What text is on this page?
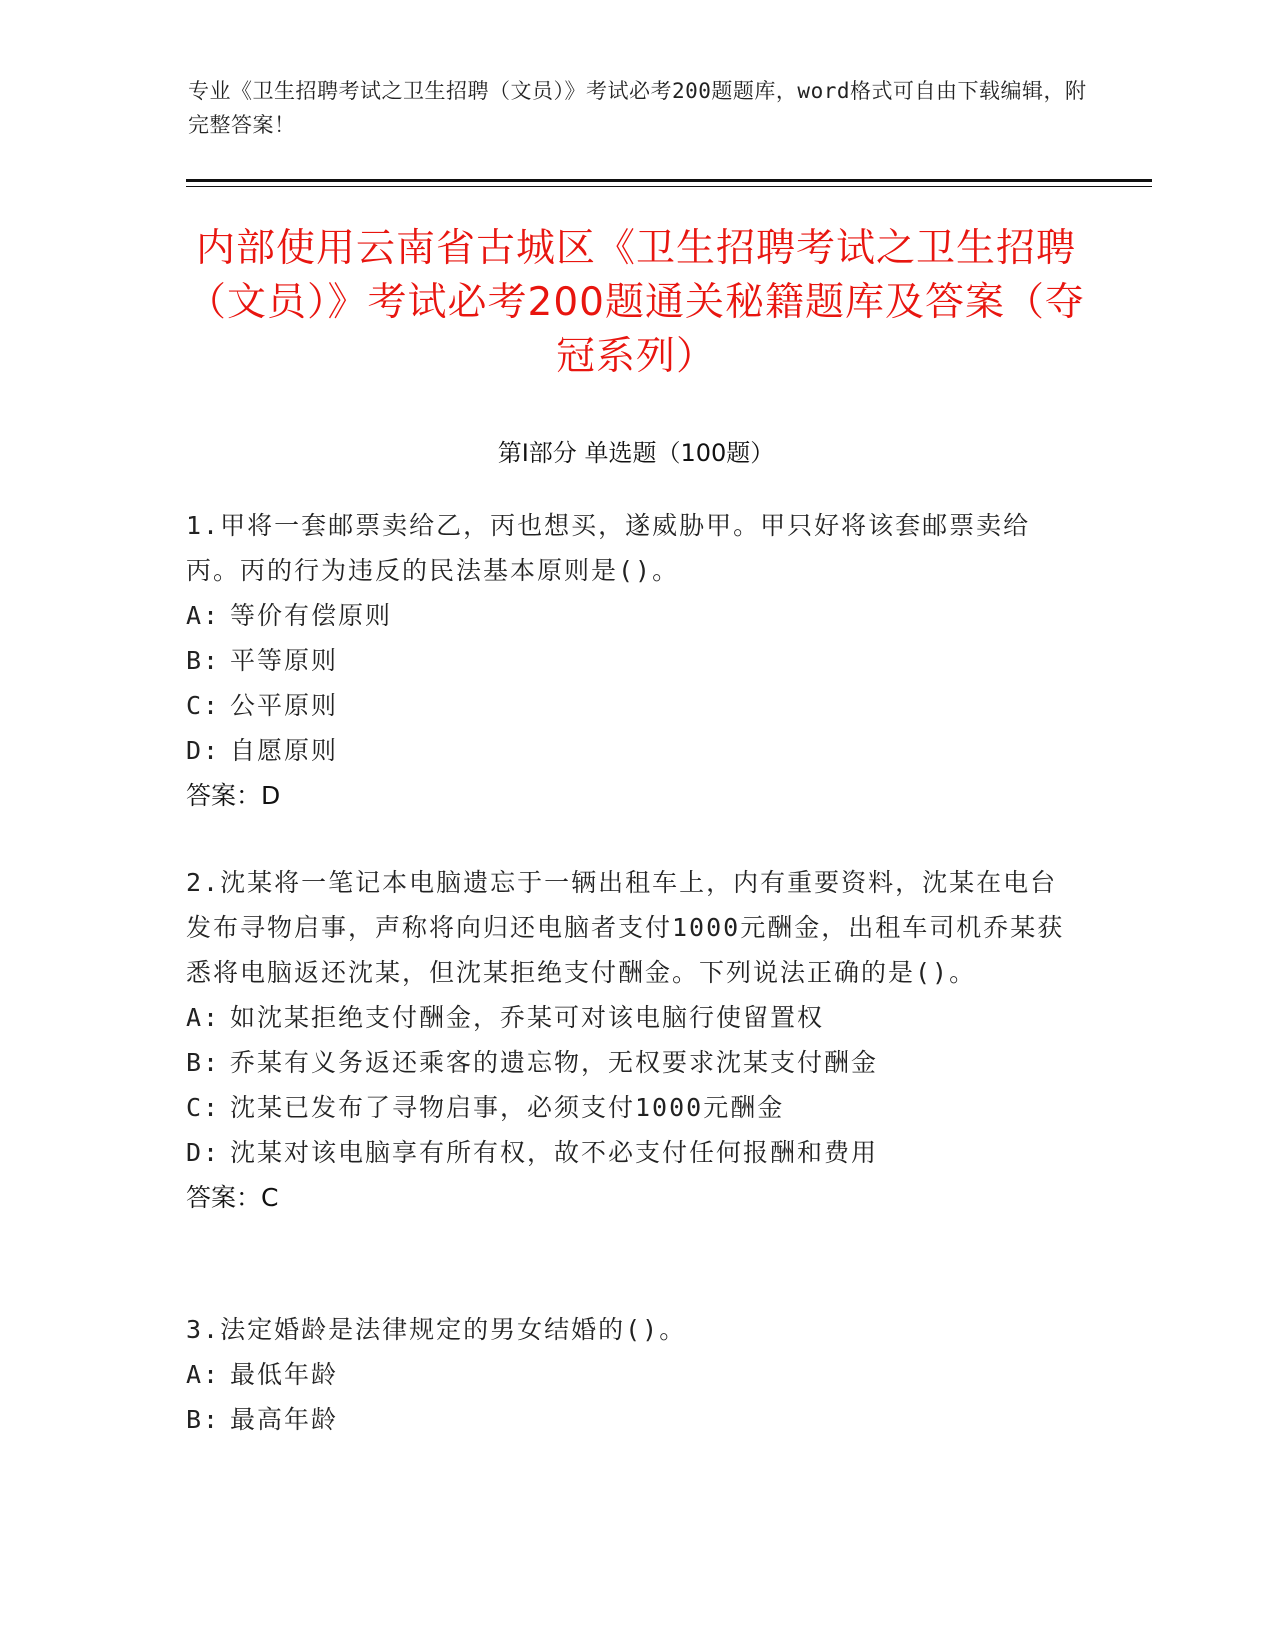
专业《卫生招聘考试之卫生招聘（文员）》考试必考200题题库，word格式可自由下载编辑，附完整答案！
内部使用云南省古城区《卫生招聘考试之卫生招聘（文员）》考试必考200题通关秘籍题库及答案（夺冠系列）
第Ⅰ部分 单选题（100题）

1.甲将一套邮票卖给乙，丙也想买，遂威胁甲。甲只好将该套邮票卖给丙。丙的行为违反的民法基本原则是()。

A: 等价有偿原则

B: 平等原则

C: 公平原则

D: 自愿原则

答案：D

2.沈某将一笔记本电脑遗忘于一辆出租车上，内有重要资料，沈某在电台发布寻物启事，声称将向归还电脑者支付1000元酬金，出租车司机乔某获悉将电脑返还沈某，但沈某拒绝支付酬金。下列说法正确的是()。

A: 如沈某拒绝支付酬金，乔某可对该电脑行使留置权

B: 乔某有义务返还乘客的遗忘物，无权要求沈某支付酬金

C: 沈某已发布了寻物启事，必须支付1000元酬金

D: 沈某对该电脑享有所有权，故不必支付任何报酬和费用

答案：C

3.法定婚龄是法律规定的男女结婚的()。

A: 最低年龄

B: 最高年龄
